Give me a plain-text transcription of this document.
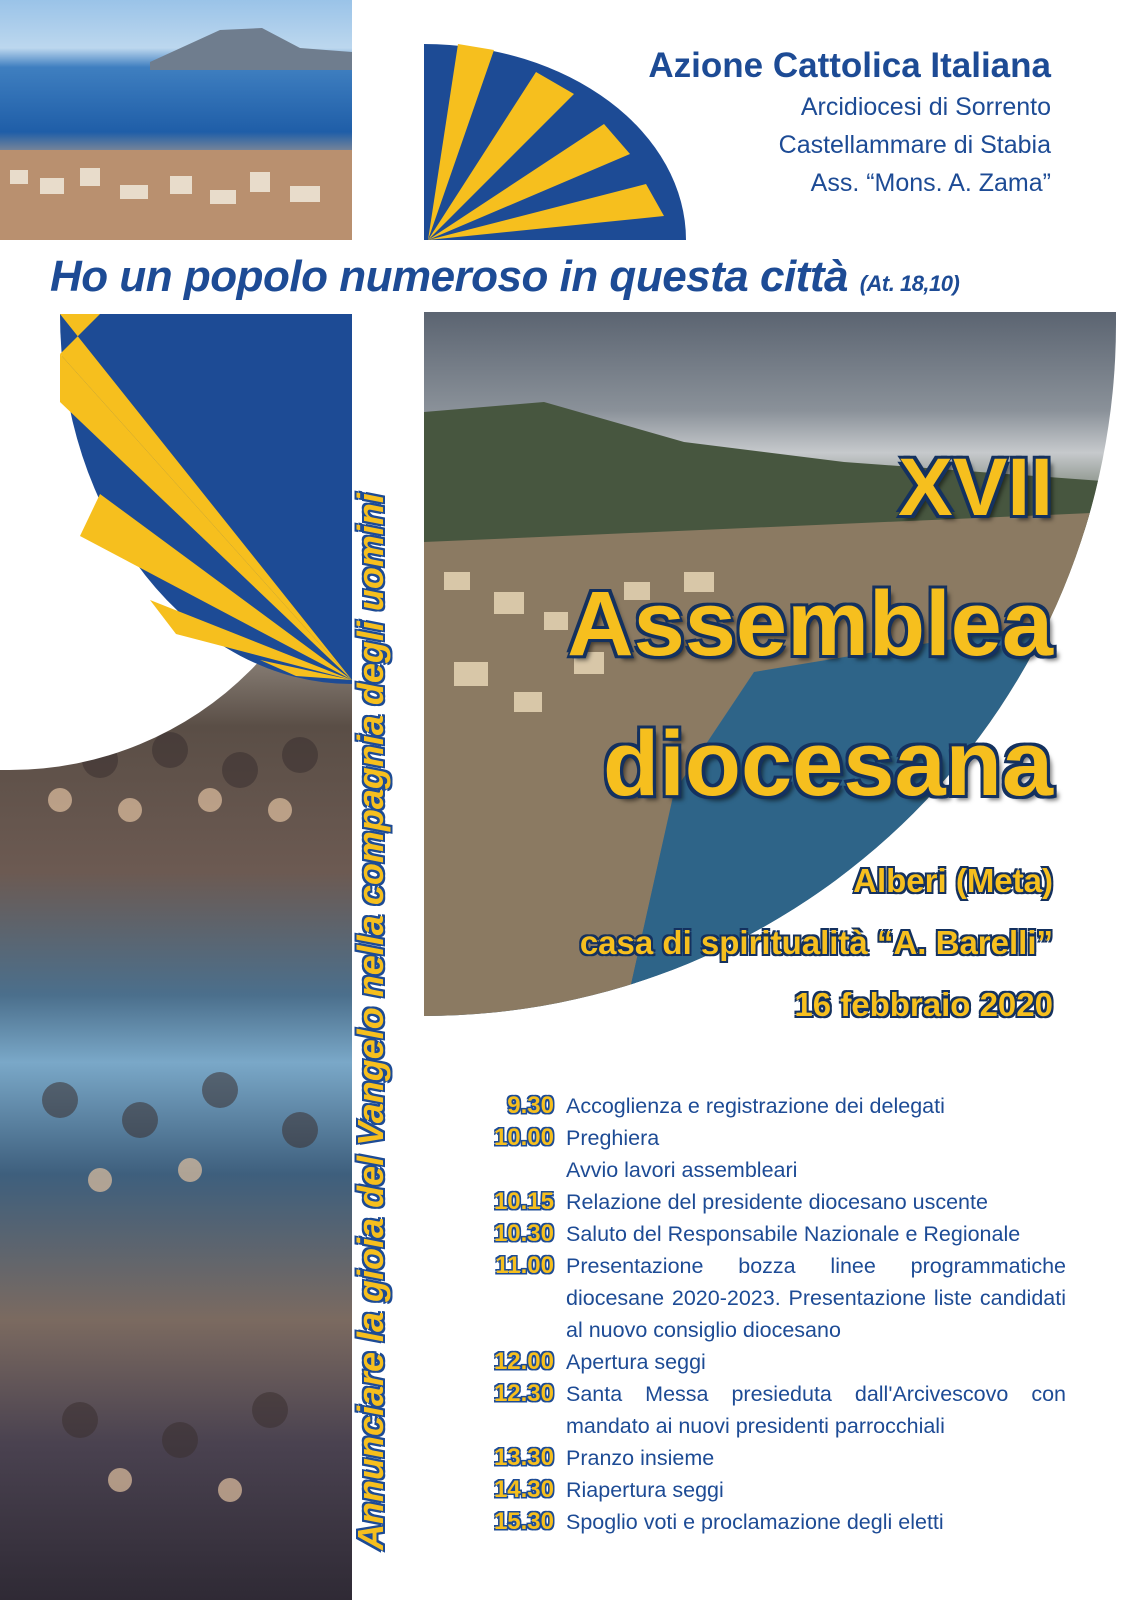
Azione Cattolica Italiana
Arcidiocesi di Sorrento
Castellammare di Stabia
Ass. “Mons. A. Zama”
Ho un popolo numeroso in questa città (At. 18,10)
Annunciare la gioia del Vangelo nella compagnia degli uomini
XVII
Assemblea
diocesana
Alberi (Meta)
casa di spiritualità “A. Barelli”
16 febbraio 2020
9.30 Accoglienza e registrazione dei delegati
10.00 Preghiera
Avvio lavori assembleari
10.15 Relazione del presidente diocesano uscente
10.30 Saluto del Responsabile Nazionale e Regionale
11.00 Presentazione bozza linee programmatiche diocesane 2020-2023. Presentazione liste candidati al nuovo consiglio diocesano
12.00 Apertura seggi
12.30 Santa Messa presieduta dall'Arcivescovo con mandato ai nuovi presidenti parrocchiali
13.30 Pranzo insieme
14.30 Riapertura seggi
15.30 Spoglio voti e proclamazione degli eletti
